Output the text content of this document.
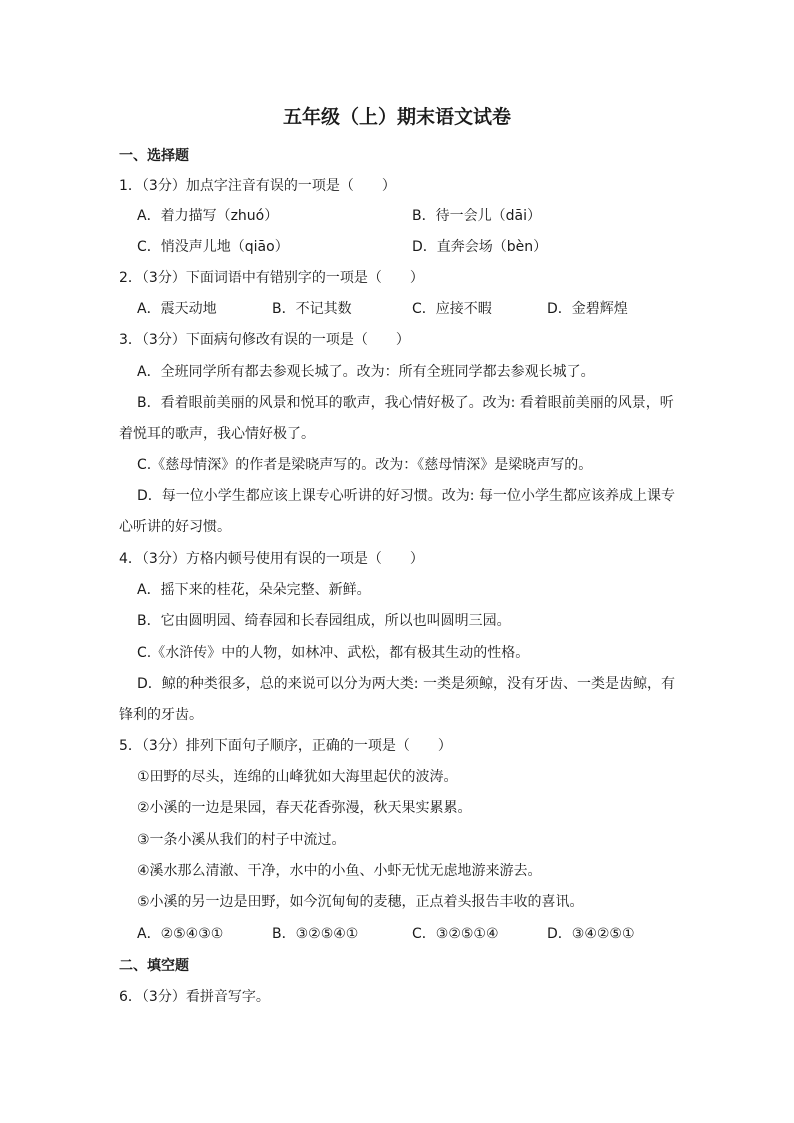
五年级（上）期末语文试卷
一、选择题
1．（3分）加点字注音有误的一项是（　　）
A．着力描写（zhuó）	B．待一会儿（dāi）
C．悄没声儿地（qiāo）	D．直奔会场（bèn）
2．（3分）下面词语中有错别字的一项是（　　）
A．震天动地	B．不记其数	C．应接不暇	D．金碧辉煌
3．（3分）下面病句修改有误的一项是（　　）
A．全班同学所有都去参观长城了。改为：所有全班同学都去参观长城了。
B．看着眼前美丽的风景和悦耳的歌声，我心情好极了。改为: 看着眼前美丽的风景，听
着悦耳的歌声，我心情好极了。
C.《慈母情深》的作者是梁晓声写的。改为：《慈母情深》是梁晓声写的。
D．每一位小学生都应该上课专心听讲的好习惯。改为: 每一位小学生都应该养成上课专
心听讲的好习惯。
4．（3分）方格内顿号使用有误的一项是（　　）
A．摇下来的桂花，朵朵完整、新鲜。
B．它由圆明园、绮春园和长春园组成，所以也叫圆明三园。
C.《水浒传》中的人物，如林冲、武松，都有极其生动的性格。
D．鲸的种类很多，总的来说可以分为两大类: 一类是须鲸，没有牙齿、一类是齿鲸，有
锋利的牙齿。
5．（3分）排列下面句子顺序，正确的一项是（　　）
①田野的尽头，连绵的山峰犹如大海里起伏的波涛。
②小溪的一边是果园，春天花香弥漫，秋天果实累累。
③一条小溪从我们的村子中流过。
④溪水那么清澈、干净，水中的小鱼、小虾无忧无虑地游来游去。
⑤小溪的另一边是田野，如今沉甸甸的麦穗，正点着头报告丰收的喜讯。
A．②⑤④③①	B．③②⑤④①	C．③②⑤①④	D．③④②⑤①
二、填空题
6．（3分）看拼音写字。
